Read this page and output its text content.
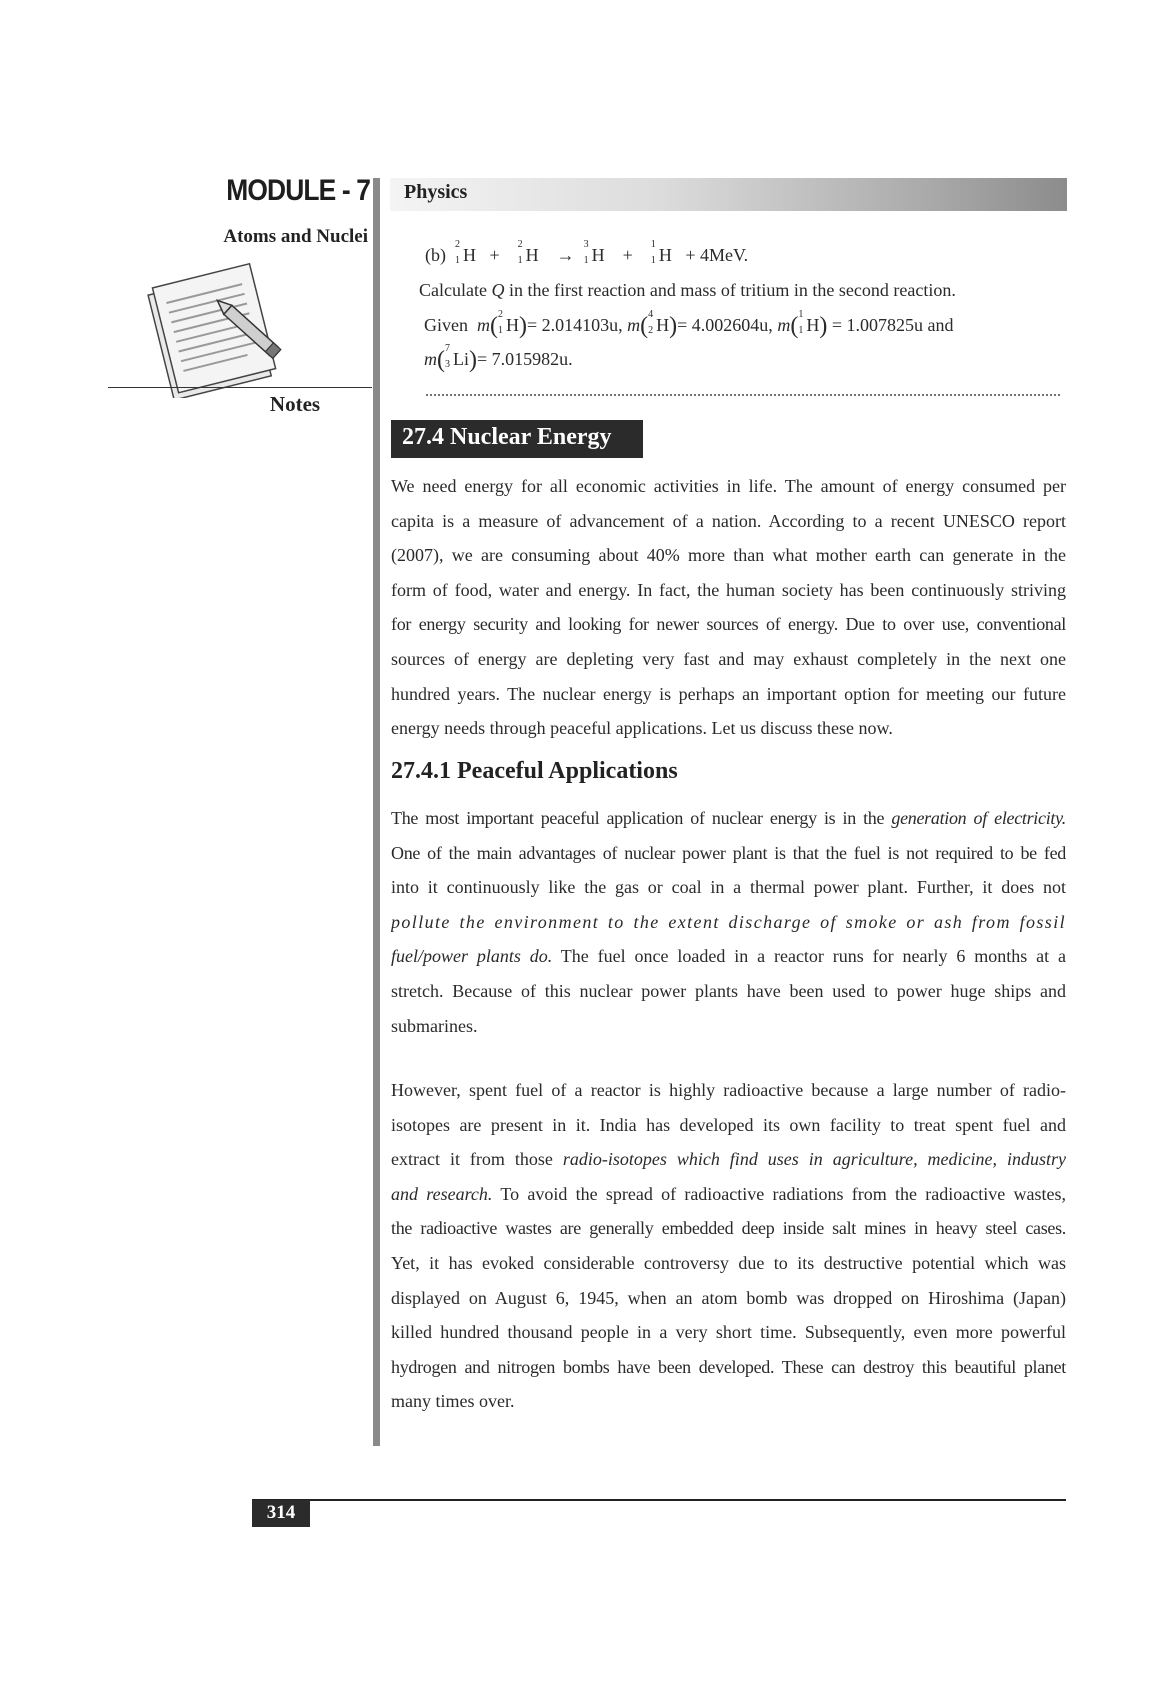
MODULE - 7
Atoms and Nuclei
Notes
Physics
(b)
2
1 H +
2
1 H →
3
1 H +
1
1 H + 4MeV.
Calculate Q in the first reaction and mass of tritium in the second reaction.
Given m( 2
1 H)= 2.014103u, m( 4
2 H)= 4.002604u, m( 1
1 H) = 1.007825u and
m( 7
3 Li)= 7.015982u.
27.4 Nuclear Energy
We need energy for all economic activities in life. The amount of energy consumed per
capita is a measure of advancement of a nation. According to a recent UNESCO report
(2007), we are consuming about 40% more than what mother earth can generate in the
form of food, water and energy. In fact, the human society has been continuously striving
for energy security and looking for newer sources of energy. Due to over use, conventional
sources of energy are depleting very fast and may exhaust completely in the next one
hundred years. The nuclear energy is perhaps an important option for meeting our future
energy needs through peaceful applications. Let us discuss these now.
27.4.1 Peaceful Applications
The most important peaceful application of nuclear energy is in the generation of electricity.
One of the main advantages of nuclear power plant is that the fuel is not required to be fed
into it continuously like the gas or coal in a thermal power plant. Further, it does not
pollute the environment to the extent discharge of smoke or ash from fossil
fuel/power plants do. The fuel once loaded in a reactor runs for nearly 6 months at a
stretch. Because of this nuclear power plants have been used to power huge ships and
submarines.
However, spent fuel of a reactor is highly radioactive because a large number of radio-
isotopes are present in it. India has developed its own facility to treat spent fuel and
extract it from those radio-isotopes which find uses in agriculture, medicine, industry
and research. To avoid the spread of radioactive radiations from the radioactive wastes,
the radioactive wastes are generally embedded deep inside salt mines in heavy steel cases.
Yet, it has evoked considerable controversy due to its destructive potential which was
displayed on August 6, 1945, when an atom bomb was dropped on Hiroshima (Japan)
killed hundred thousand people in a very short time. Subsequently, even more powerful
hydrogen and nitrogen bombs have been developed. These can destroy this beautiful planet
many times over.
314
